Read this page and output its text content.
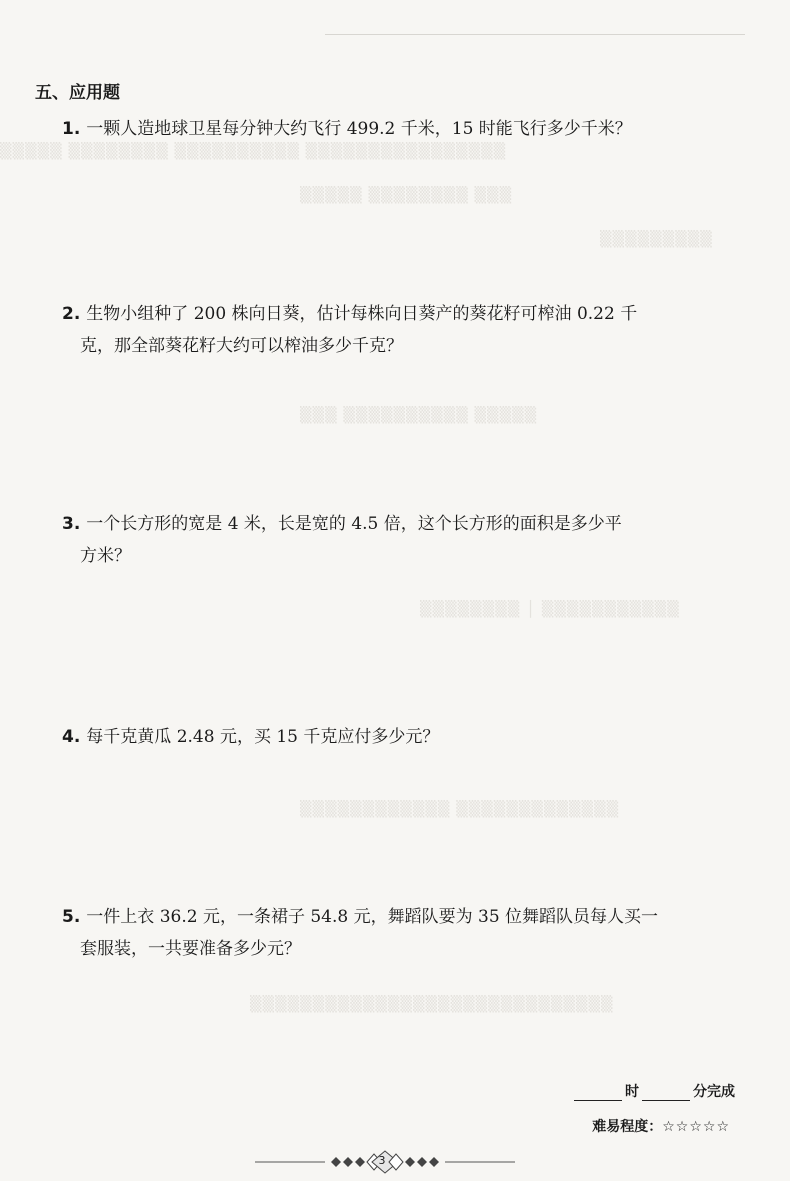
▒▒▒▒▒ ▒▒▒▒▒▒▒▒ ▒▒▒▒▒▒▒▒▒▒ ▒▒▒▒▒▒▒▒▒▒▒▒▒▒▒▒
▒▒▒▒▒ ▒▒▒▒▒▒▒▒ ▒▒▒
▒▒▒▒▒▒▒▒▒
▒▒▒ ▒▒▒▒▒▒▒▒▒▒ ▒▒▒▒▒
▒▒▒▒▒▒▒▒ │ ▒▒▒▒▒▒▒▒▒▒▒
▒▒▒▒▒▒▒▒▒▒▒▒ ▒▒▒▒▒▒▒▒▒▒▒▒▒
▒▒▒▒▒▒▒▒▒▒▒▒▒▒▒▒▒▒▒▒▒▒▒▒▒▒▒▒▒
五、应用题
1. 一颗人造地球卫星每分钟大约飞行 499.2 千米，15 时能飞行多少千米？
2. 生物小组种了 200 株向日葵，估计每株向日葵产的葵花籽可榨油 0.22 千
克，那全部葵花籽大约可以榨油多少千克？
3. 一个长方形的宽是 4 米，长是宽的 4.5 倍，这个长方形的面积是多少平
方米？
4. 每千克黄瓜 2.48 元，买 15 千克应付多少元？
5. 一件上衣 36.2 元，一条裙子 54.8 元，舞蹈队要为 35 位舞蹈队员每人买一
套服装，一共要准备多少元？
时	分完成
难易程度：☆☆☆☆☆
3
